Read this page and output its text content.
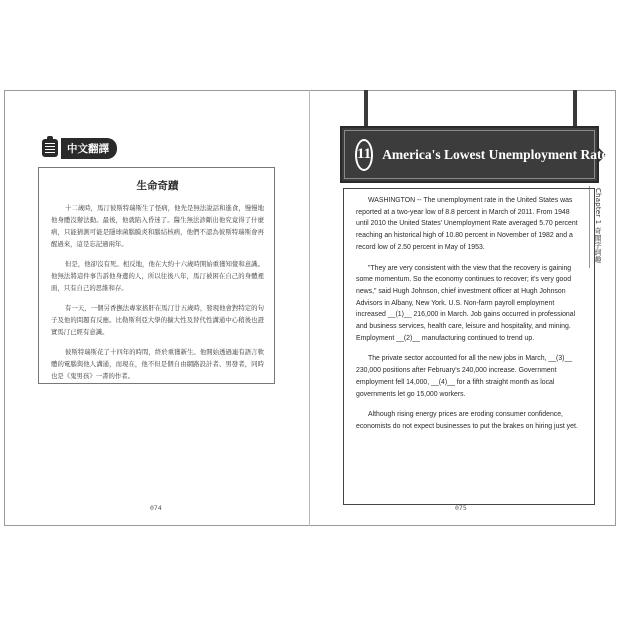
中文翻譯
生命奇蹟

十二歲時，馬汀彼斯特瑞斯生了怪病，他先是無法說話和進食，慢慢地他身體沒辦法動。最後，他就陷入昏迷了。醫生無法診斷出他究竟得了什麼病，只能猜測可能是隱球菌腦膜炎和腦結核病，他們不認為彼斯特瑞斯會再醒過來，這是忘記過兩年。

但是，他卻沒有死。相反地，他在大約十六歲時開始重獲知覺和意識。他無法將這件事告訴他身邊的人，所以往後八年，馬汀被困在自己的身體裡面，只有自己的思維和存。

有一天，一個另香撫法專家搖肝在馬汀廿五歲時，發現他會對特定的句子及他的問題有反應。比勒斯利亞大學的擴大性及替代性溝通中心稍後也證實馬汀已經有意識。

彼斯特瑞斯花了十四年的時間，終於重獲新生。他開始透過連有語言軟體的電腦與他人溝通，而現在，他不但是個自由網路設計者、男發者，同時也是《鬼男孩》一書的作者。

074
11 America's Lowest Unemployment Rate
Chapter 1 奇聞字詞趣

WASHINGTON -- The unemployment rate in the United States was reported at a two-year low of 8.8 percent in March of 2011. From 1948 until 2010 the United States' Unemployment Rate averaged 5.70 percent reaching an historical high of 10.80 percent in November of 1982 and a record low of 2.50 percent in May of 1953.

"They are very consistent with the view that the recovery is gaining some momentum. So the economy continues to recover; it's very good news," said Hugh Johnson, chief investment officer at Hugh Johnson Advisors in Albany, New York. U.S. Non-farm payroll employment increased __(1)__ 216,000 in March. Job gains occurred in professional and business services, health care, leisure and hospitality, and mining. Employment __(2)__ manufacturing continued to trend up.

The private sector accounted for all the new jobs in March, __(3)__ 230,000 positions after February's 240,000 increase. Government employment fell 14,000, __(4)__ for a fifth straight month as local governments let go 15,000 workers.

Although rising energy prices are eroding consumer confidence, economists do not expect businesses to put the brakes on hiring just yet.

075
